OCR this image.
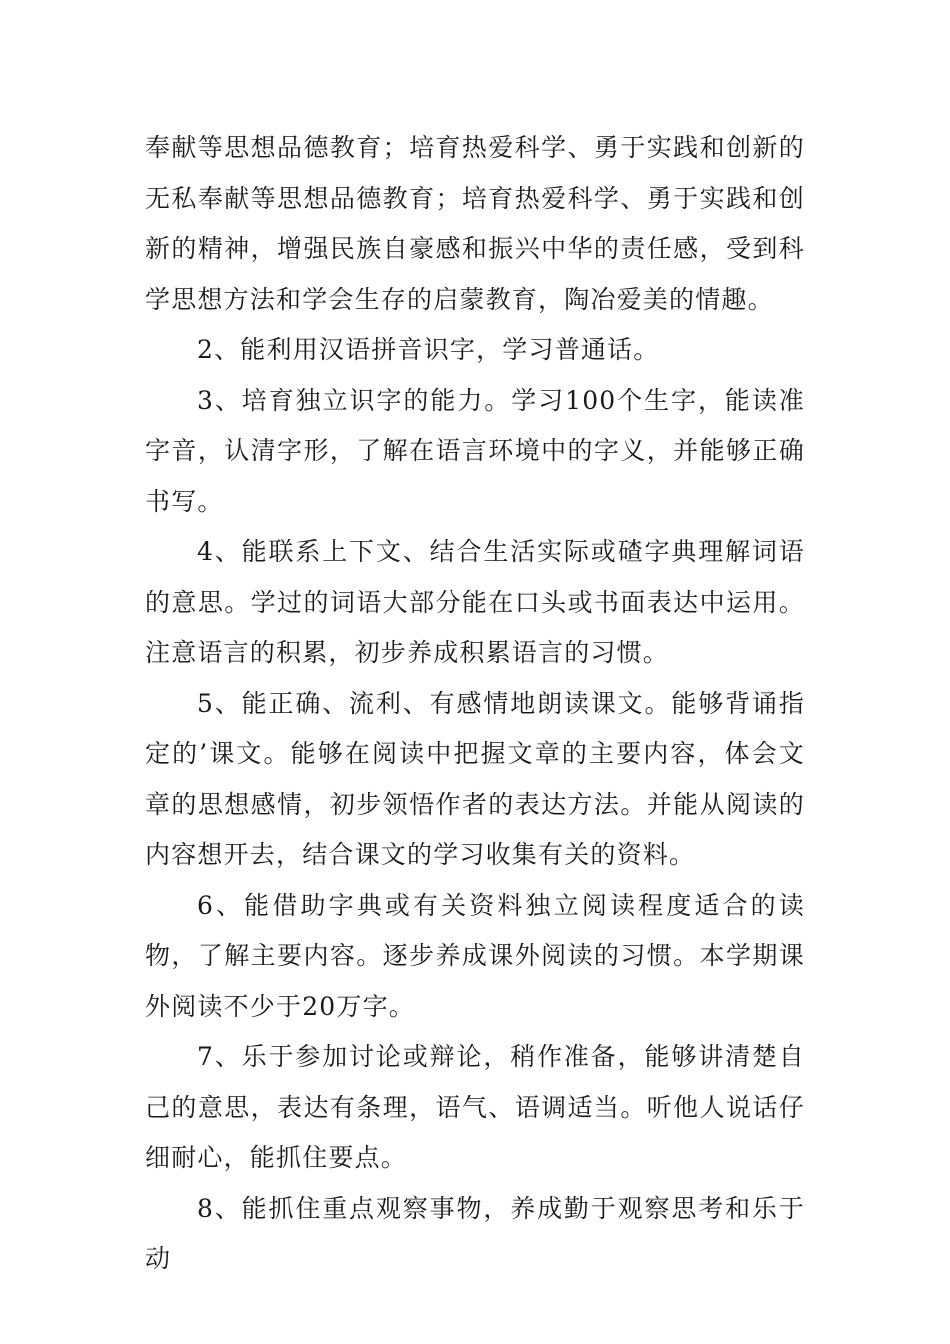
奉献等思想品德教育；培育热爱科学、勇于实践和创新的无私奉献等思想品德教育；培育热爱科学、勇于实践和创新的精神，增强民族自豪感和振兴中华的责任感，受到科学思想方法和学会生存的启蒙教育，陶冶爱美的情趣。

2、能利用汉语拼音识字，学习普通话。

3、培育独立识字的能力。学习100个生字，能读准字音，认清字形，了解在语言环境中的字义，并能够正确书写。

4、能联系上下文、结合生活实际或碴字典理解词语的意思。学过的词语大部分能在口头或书面表达中运用。注意语言的积累，初步养成积累语言的习惯。

5、能正确、流利、有感情地朗读课文。能够背诵指定的’课文。能够在阅读中把握文章的主要内容，体会文章的思想感情，初步领悟作者的表达方法。并能从阅读的内容想开去，结合课文的学习收集有关的资料。

6、能借助字典或有关资料独立阅读程度适合的读物，了解主要内容。逐步养成课外阅读的习惯。本学期课外阅读不少于20万字。

7、乐于参加讨论或辩论，稍作准备，能够讲清楚自己的意思，表达有条理，语气、语调适当。听他人说话仔细耐心，能抓住要点。

8、能抓住重点观察事物，养成勤于观察思考和乐于动
